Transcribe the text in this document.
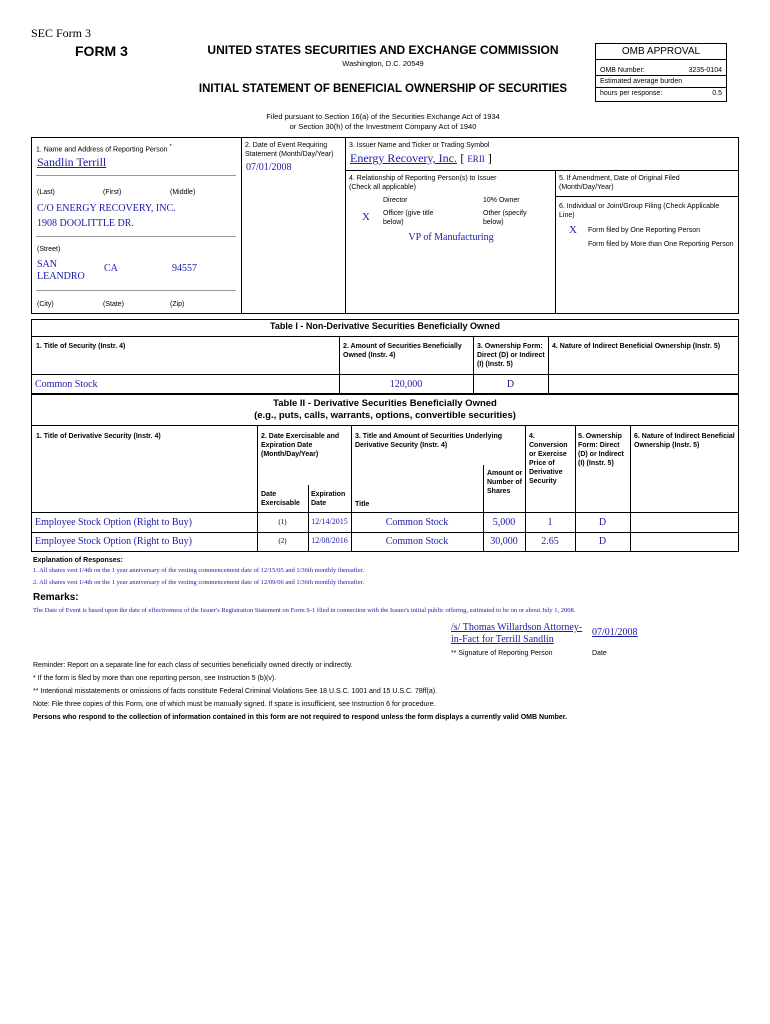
SEC Form 3
FORM 3	UNITED STATES SECURITIES AND EXCHANGE COMMISSION
Washington, D.C. 20549
INITIAL STATEMENT OF BENEFICIAL OWNERSHIP OF SECURITIES
Filed pursuant to Section 16(a) of the Securities Exchange Act of 1934
or Section 30(h) of the Investment Company Act of 1940
OMB APPROVAL
OMB Number:	3235-0104
Estimated average burden
hours per response:	0.5
1. Name and Address of Reporting Person *
Sandlin Terrill
(Last)	(First)	(Middle)
C/O ENERGY RECOVERY, INC.
1908 DOOLITTLE DR.
(Street)
SAN LEANDRO
CA	94557
(City)	(State)	(Zip)
2. Date of Event Requiring Statement (Month/Day/Year)
07/01/2008
3. Issuer Name and Ticker or Trading Symbol
Energy Recovery, Inc. [ ERII ]
4. Relationship of Reporting Person(s) to Issuer
(Check all applicable)
Director	10% Owner
X Officer (give title below)
Other (specify below)
VP of Manufacturing
5. If Amendment, Date of Original Filed (Month/Day/Year)
6. Individual or Joint/Group Filing (Check Applicable Line)
X Form filed by One Reporting Person
Form filed by More than One Reporting Person
Table I - Non-Derivative Securities Beneficially Owned
1. Title of Security (Instr. 4)	2. Amount of Securities Beneficially Owned (Instr. 4)
3. Ownership Form: Direct (D) or Indirect (I) (Instr. 5)
4. Nature of Indirect Beneficial Ownership (Instr. 5)
Common Stock	120,000	D
Table II - Derivative Securities Beneficially Owned
(e.g., puts, calls, warrants, options, convertible securities)
1. Title of Derivative Security (Instr. 4)	2. Date Exercisable and Expiration Date (Month/Day/Year)
3. Title and Amount of Securities Underlying Derivative Security (Instr. 4)
4. Conversion or Exercise Price of Derivative Security
5. Ownership Form: Direct (D) or Indirect (I) (Instr. 5)
6. Nature of Indirect Beneficial Ownership (Instr. 5)
Date Exercisable
Expiration Date	Title
Amount or Number of Shares
Employee Stock Option (Right to Buy)	(1)	12/14/2015	Common Stock	5,000	1	D
Employee Stock Option (Right to Buy)	(2)	12/08/2016	Common Stock	30,000	2.65	D
Explanation of Responses:
1. All shares vest 1/4th on the 1 year anniversary of the vesting commencement date of 12/15/05 and 1/36th monthly thereafter.
2. All shares vest 1/4th on the 1 year anniversary of the vesting commencement date of 12/09/06 and 1/36th monthly thereafter.
Remarks:
The Date of Event is based upon the date of effectiveness of the Issuer's Registration Statement on Form S-1 filed in connection with the Issuer's initial public offering, estimated to be on or about July 1, 2008.
/s/ Thomas Willardson Attorney-
in-Fact for Terrill Sandlin
07/01/2008
** Signature of Reporting Person	Date
Reminder: Report on a separate line for each class of securities beneficially owned directly or indirectly.
* If the form is filed by more than one reporting person, see Instruction 5 (b)(v).
** Intentional misstatements or omissions of facts constitute Federal Criminal Violations See 18 U.S.C. 1001 and 15 U.S.C. 78ff(a).
Note: File three copies of this Form, one of which must be manually signed. If space is insufficient, see Instruction 6 for procedure.
Persons who respond to the collection of information contained in this form are not required to respond unless the form displays a currently valid OMB Number.
